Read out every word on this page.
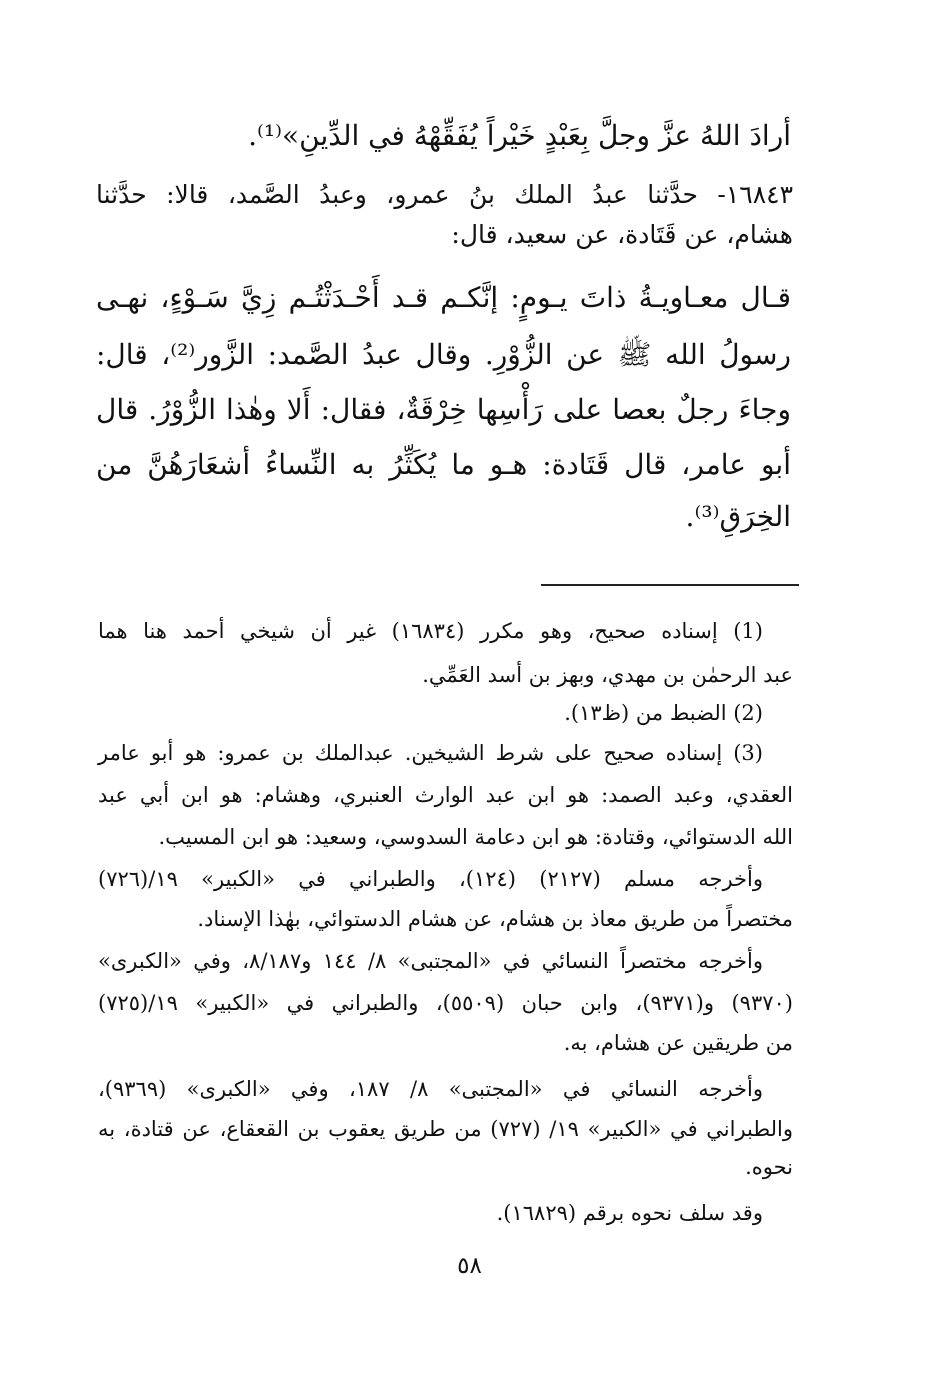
أرادَ اللهُ عزَّ وجلَّ بِعَبْدٍ خَيْراً يُفَقِّهْهُ في الدِّينِ»⁽¹⁾.
١٦٨٤٣- حدَّثنا عبدُ الملك بنُ عمرو، وعبدُ الصَّمد، قالا: حدَّثنا
هشام، عن قَتَادة، عن سعيد، قال:
قـال معـاويـةُ ذاتَ يـومٍ: إنَّكـم قـد أَحْـدَثْتُـم زِيَّ سَـوْءٍ، نهـى
رسولُ الله ﷺ عن الزُّوْرِ. وقال عبدُ الصَّمد: الزَّور⁽²⁾، قال:
وجاءَ رجلٌ بعصا على رَأْسِها خِرْقَةٌ، فقال: أَلا وهٰذا الزُّوْرُ. قال
أبو عامر، قال قَتَادة: هـو ما يُكَثِّرُ به النِّساءُ أشعَارَهُنَّ من
الخِرَقِ⁽³⁾.
(1) إسناده صحيح، وهو مكرر (١٦٨٣٤) غير أن شيخي أحمد هنا هما
عبد الرحمٰن بن مهدي، وبهز بن أسد العَمِّي.
(2) الضبط من (ظ١٣).
(3) إسناده صحيح على شرط الشيخين. عبدالملك بن عمرو: هو أبو عامر
العقدي، وعبد الصمد: هو ابن عبد الوارث العنبري، وهشام: هو ابن أبي عبد
الله الدستوائي، وقتادة: هو ابن دعامة السدوسي، وسعيد: هو ابن المسيب.
وأخرجه مسلم (٢١٢٧) (١٢٤)، والطبراني في «الكبير» ١٩/(٧٢٦)
مختصراً من طريق معاذ بن هشام، عن هشام الدستوائي، بهٰذا الإسناد.
وأخرجه مختصراً النسائي في «المجتبى» ٨/ ١٤٤ و٨/١٨٧، وفي «الكبرى»
(٩٣٧٠) و(٩٣٧١)، وابن حبان (٥٥٠٩)، والطبراني في «الكبير» ١٩/(٧٢٥)
من طريقين عن هشام، به.
وأخرجه النسائي في «المجتبى» ٨/ ١٨٧، وفي «الكبرى» (٩٣٦٩)،
والطبراني في «الكبير» ١٩/ (٧٢٧) من طريق يعقوب بن القعقاع، عن قتادة، به
نحوه.
وقد سلف نحوه برقم (١٦٨٢٩).
٥٨
